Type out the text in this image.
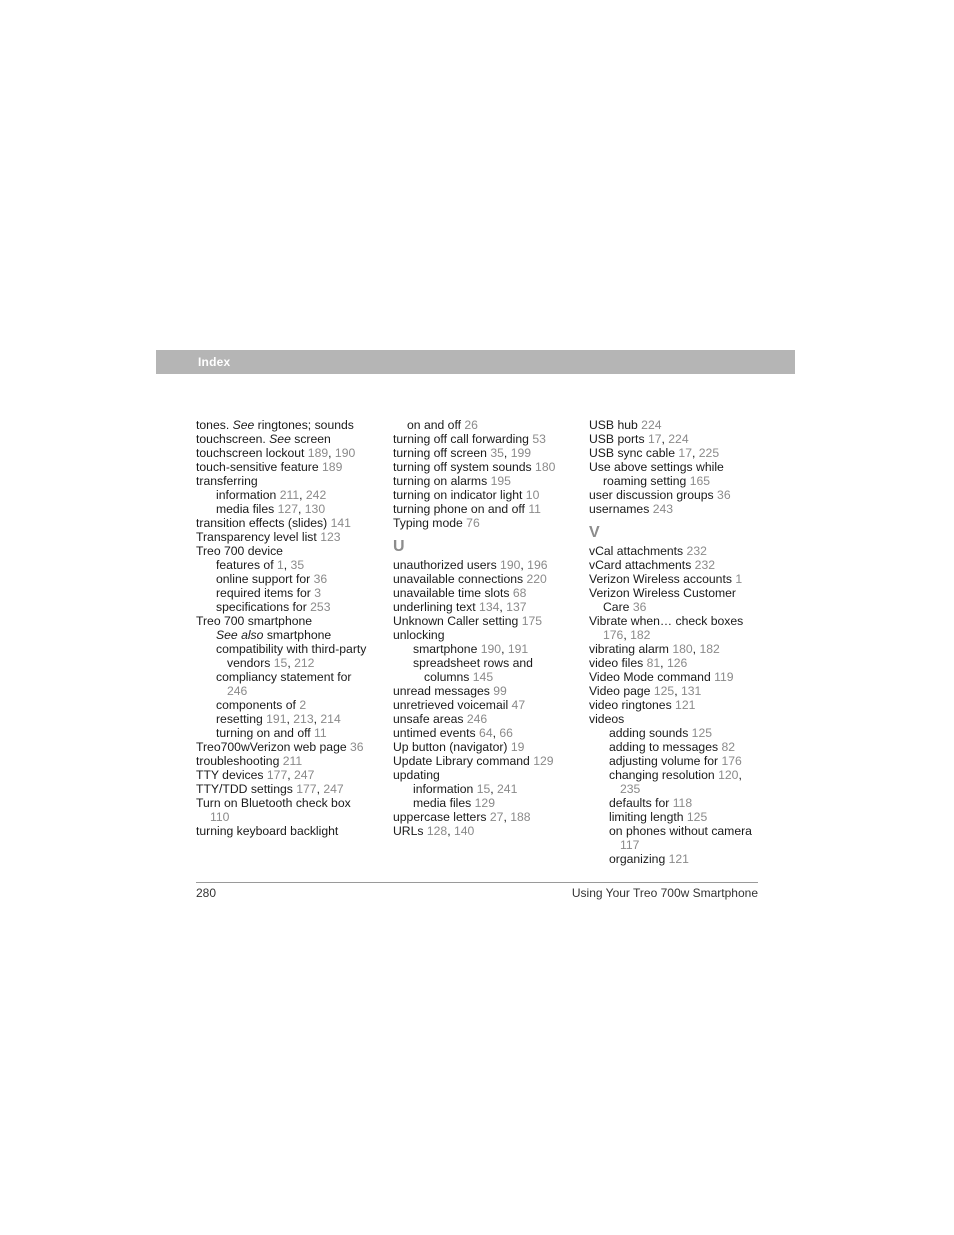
Index
tones. See ringtones; sounds
touchscreen. See screen
touchscreen lockout 189, 190
touch-sensitive feature 189
transferring
information 211, 242
media files 127, 130
transition effects (slides) 141
Transparency level list 123
Treo 700 device
features of 1, 35
online support for 36
required items for 3
specifications for 253
Treo 700 smartphone
See also smartphone
compatibility with third-party vendors 15, 212
compliancy statement for 246
components of 2
resetting 191, 213, 214
turning on and off 11
Treo700wVerizon web page 36
troubleshooting 211
TTY devices 177, 247
TTY/TDD settings 177, 247
Turn on Bluetooth check box 110
turning keyboard backlight
on and off 26
turning off call forwarding 53
turning off screen 35, 199
turning off system sounds 180
turning on alarms 195
turning on indicator light 10
turning phone on and off 11
Typing mode 76
U
unauthorized users 190, 196
unavailable connections 220
unavailable time slots 68
underlining text 134, 137
Unknown Caller setting 175
unlocking
smartphone 190, 191
spreadsheet rows and columns 145
unread messages 99
unretrieved voicemail 47
unsafe areas 246
untimed events 64, 66
Up button (navigator) 19
Update Library command 129
updating
information 15, 241
media files 129
uppercase letters 27, 188
URLs 128, 140
USB hub 224
USB ports 17, 224
USB sync cable 17, 225
Use above settings while roaming setting 165
user discussion groups 36
usernames 243
V
vCal attachments 232
vCard attachments 232
Verizon Wireless accounts 1
Verizon Wireless Customer Care 36
Vibrate when… check boxes 176, 182
vibrating alarm 180, 182
video files 81, 126
Video Mode command 119
Video page 125, 131
video ringtones 121
videos
adding sounds 125
adding to messages 82
adjusting volume for 176
changing resolution 120, 235
defaults for 118
limiting length 125
on phones without camera 117
organizing 121
280	Using Your Treo 700w Smartphone
